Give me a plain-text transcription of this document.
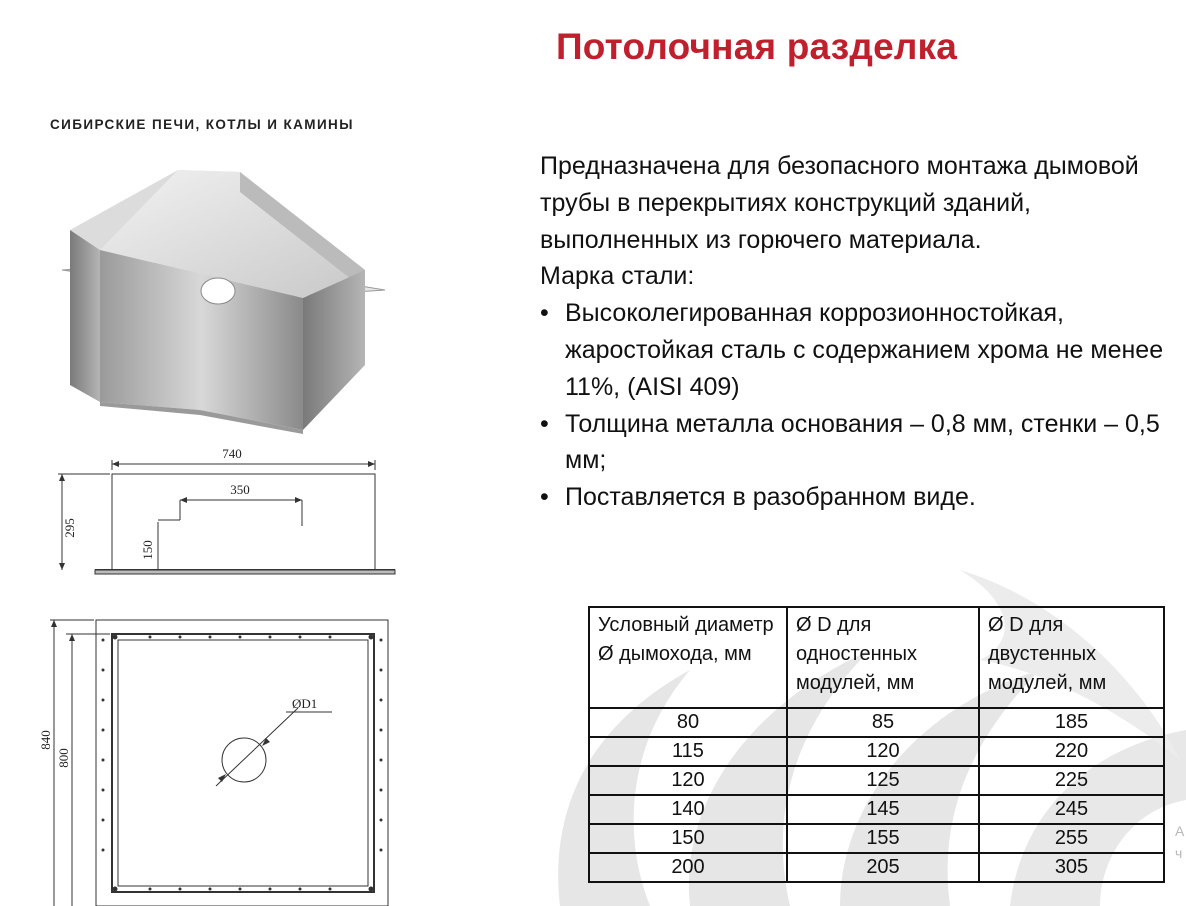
Потолочная разделка
СИБИРСКИЕ ПЕЧИ, КОТЛЫ И КАМИНЫ
740
350
295
150
ØD1
840
800

Предназначена для безопасного монтажа дымовой трубы в перекрытиях конструкций зданий, выполненных из горючего материала.

Марка стали:

• Высоколегированная коррозионностойкая, жаростойкая сталь с содержанием хрома не менее 11%, (AISI 409)
• Толщина металла основания – 0,8 мм, стенки – 0,5 мм;
• Поставляется в разобранном виде.
Условный диаметр Ø дымохода, мм	Ø D для одностенных модулей, мм	Ø D для двустенных модулей, мм
80	85	185
115	120	220
120	125	225
140	145	245
150	155	255
200	205	305
A
ч
